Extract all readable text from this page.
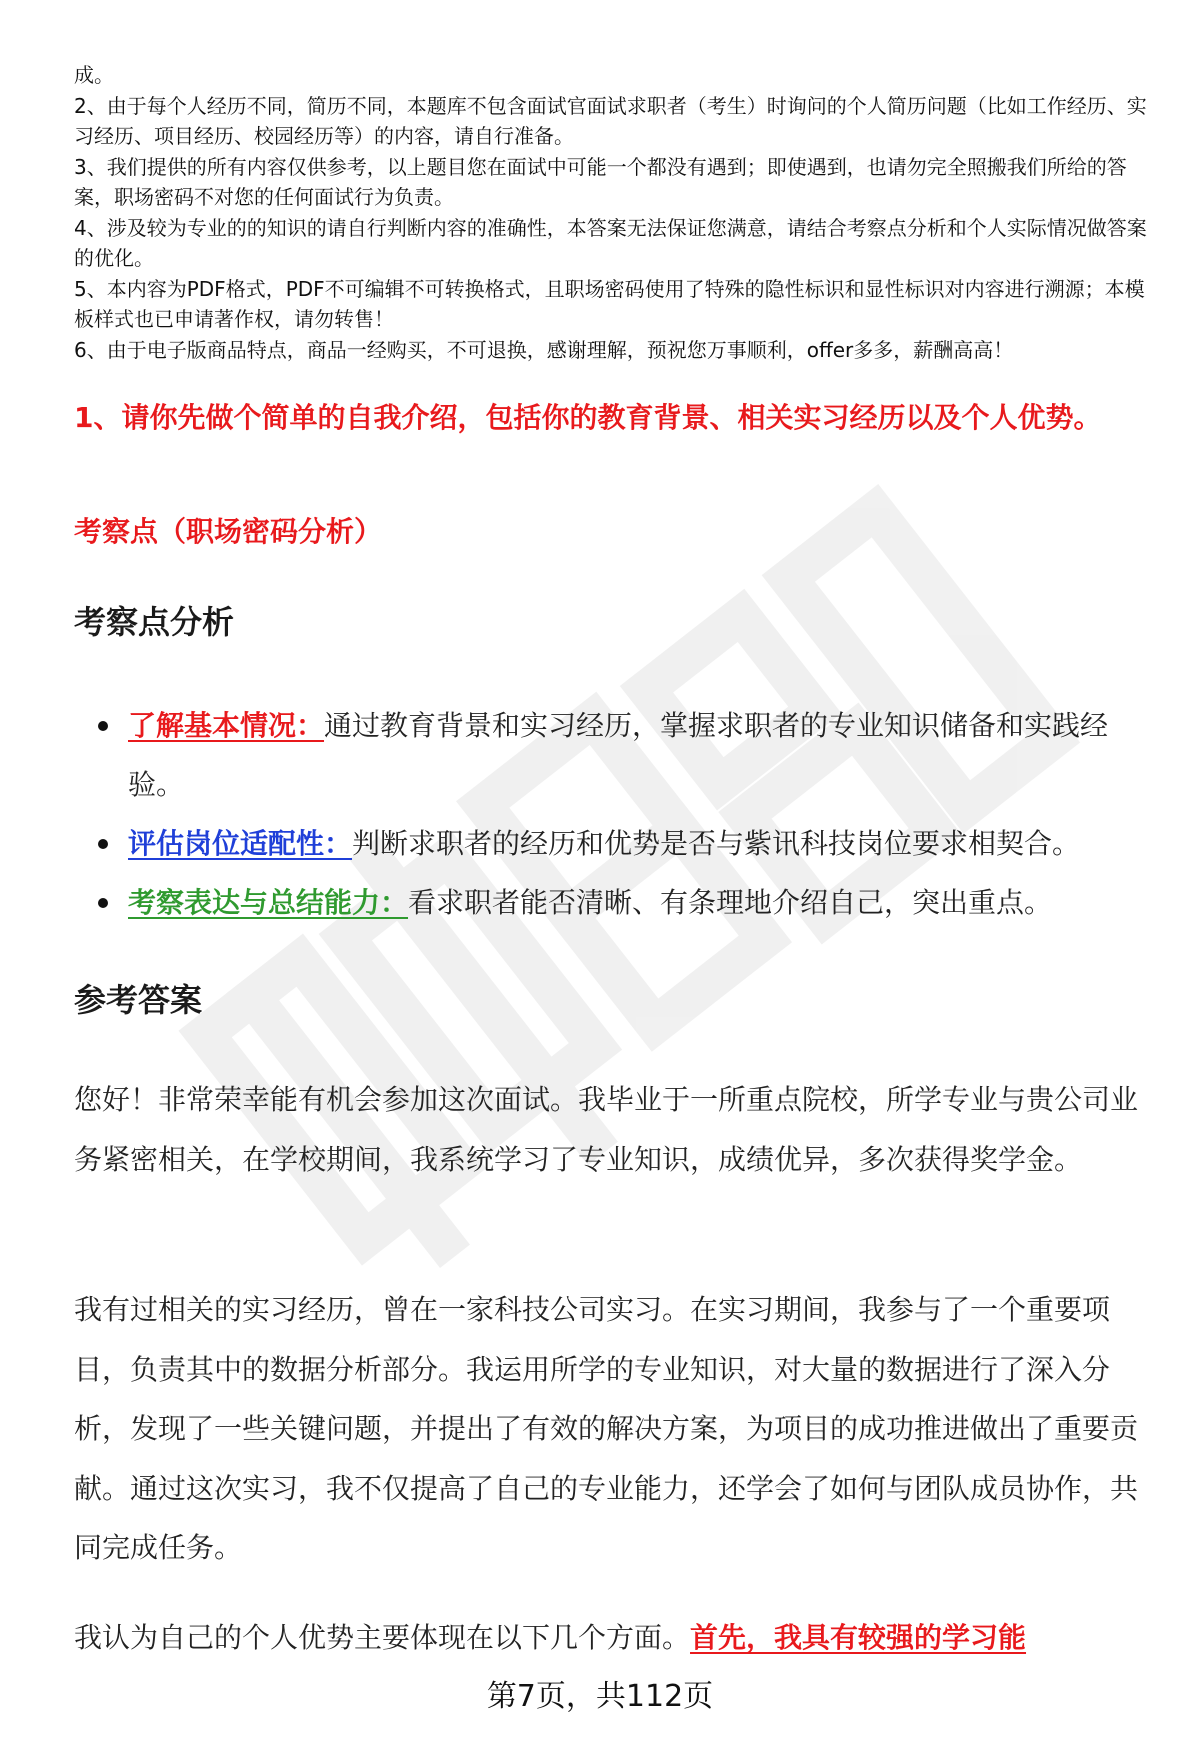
成。

2、由于每个人经历不同，简历不同，本题库不包含面试官面试求职者（考生）时询问的个人简历问题（比如工作经历、实习经历、项目经历、校园经历等）的内容，请自行准备。

3、我们提供的所有内容仅供参考，以上题目您在面试中可能一个都没有遇到；即使遇到，也请勿完全照搬我们所给的答案，职场密码不对您的任何面试行为负责。

4、涉及较为专业的的知识的请自行判断内容的准确性，本答案无法保证您满意，请结合考察点分析和个人实际情况做答案的优化。

5、本内容为PDF格式，PDF不可编辑不可转换格式，且职场密码使用了特殊的隐性标识和显性标识对内容进行溯源；本模板样式也已申请著作权，请勿转售！

6、由于电子版商品特点，商品一经购买，不可退换，感谢理解，预祝您万事顺利，offer多多，薪酬高高！

1、请你先做个简单的自我介绍，包括你的教育背景、相关实习经历以及个人优势。
考察点（职场密码分析）
考察点分析
了解基本情况：通过教育背景和实习经历，掌握求职者的专业知识储备和实践经验。
评估岗位适配性：判断求职者的经历和优势是否与紫讯科技岗位要求相契合。
考察表达与总结能力：看求职者能否清晰、有条理地介绍自己，突出重点。
参考答案

您好！非常荣幸能有机会参加这次面试。我毕业于一所重点院校，所学专业与贵公司业务紧密相关，在学校期间，我系统学习了专业知识，成绩优异，多次获得奖学金。

我有过相关的实习经历，曾在一家科技公司实习。在实习期间，我参与了一个重要项目，负责其中的数据分析部分。我运用所学的专业知识，对大量的数据进行了深入分析，发现了一些关键问题，并提出了有效的解决方案，为项目的成功推进做出了重要贡献。通过这次实习，我不仅提高了自己的专业能力，还学会了如何与团队成员协作，共同完成任务。

我认为自己的个人优势主要体现在以下几个方面。首先，我具有较强的学习能

第7页，共112页
